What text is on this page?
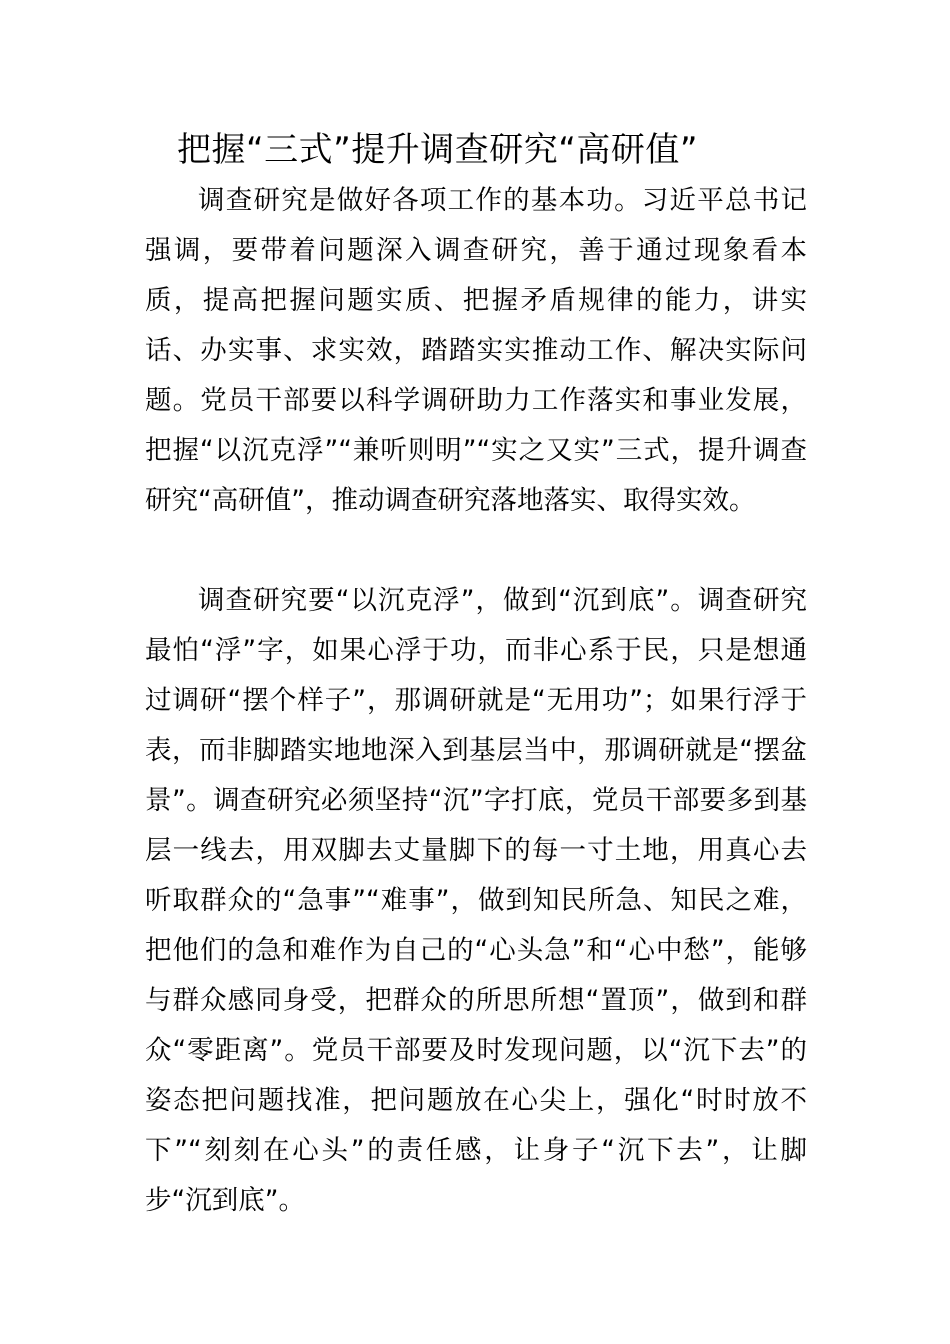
把握“三式”提升调查研究“高研值”

调查研究是做好各项工作的基本功。习近平总书记强调，要带着问题深入调查研究，善于通过现象看本质，提高把握问题实质、把握矛盾规律的能力，讲实话、办实事、求实效，踏踏实实推动工作、解决实际问题。党员干部要以科学调研助力工作落实和事业发展，把握“以沉克浮”“兼听则明”“实之又实”三式，提升调查研究“高研值”，推动调查研究落地落实、取得实效。

调查研究要“以沉克浮”，做到“沉到底”。调查研究最怕“浮”字，如果心浮于功，而非心系于民，只是想通过调研“摆个样子”，那调研就是“无用功”；如果行浮于表，而非脚踏实地地深入到基层当中，那调研就是“摆盆景”。调查研究必须坚持“沉”字打底，党员干部要多到基层一线去，用双脚去丈量脚下的每一寸土地，用真心去听取群众的“急事”“难事”，做到知民所急、知民之难，把他们的急和难作为自己的“心头急”和“心中愁”，能够与群众感同身受，把群众的所思所想“置顶”，做到和群众“零距离”。党员干部要及时发现问题，以“沉下去”的姿态把问题找准，把问题放在心尖上，强化“时时放不下”“刻刻在心头”的责任感，让身子“沉下去”，让脚步“沉到底”。
